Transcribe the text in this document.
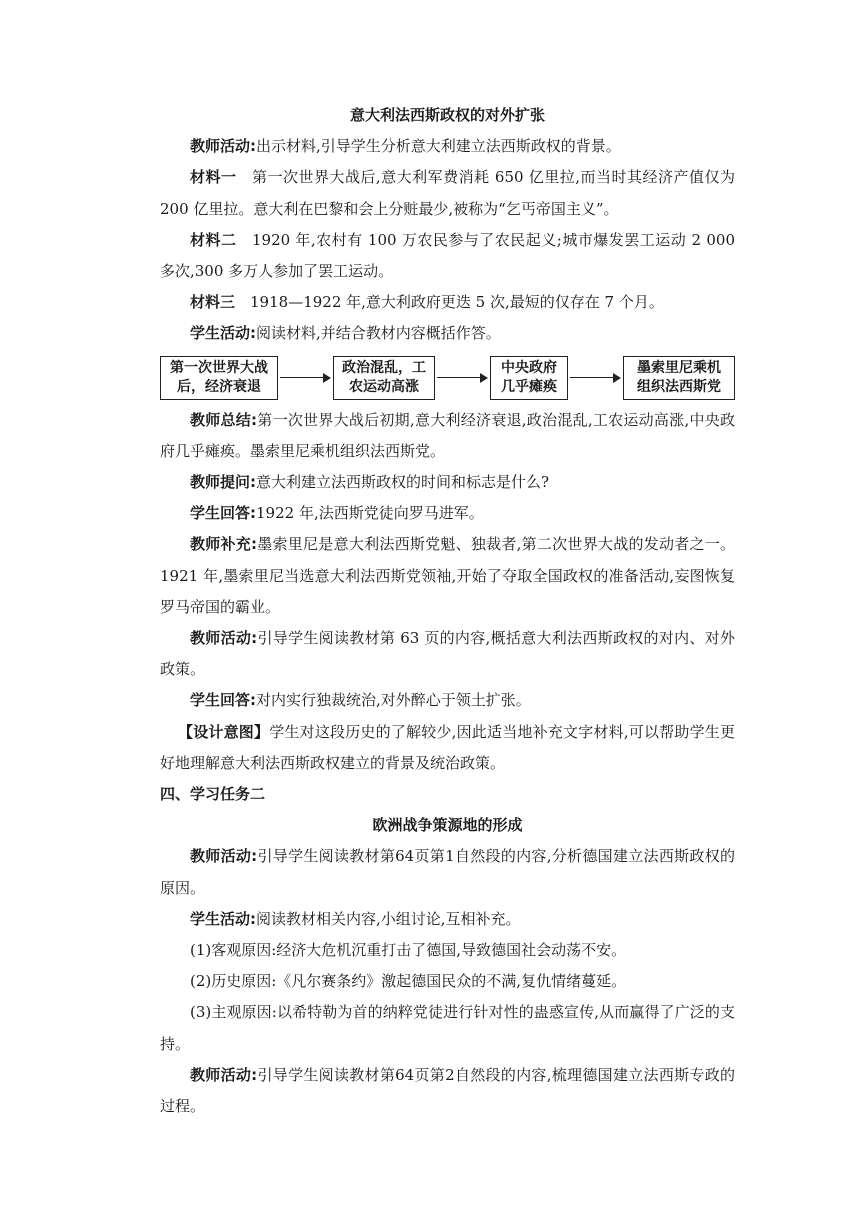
意大利法西斯政权的对外扩张

教师活动:出示材料,引导学生分析意大利建立法西斯政权的背景。

材料一　第一次世界大战后,意大利军费消耗 650 亿里拉,而当时其经济产值仅为 200 亿里拉。意大利在巴黎和会上分赃最少,被称为“乞丐帝国主义”。

材料二　1920 年,农村有 100 万农民参与了农民起义;城市爆发罢工运动 2 000 多次,300 多万人参加了罢工运动。

材料三　1918—1922 年,意大利政府更迭 5 次,最短的仅存在 7 个月。

学生活动:阅读材料,并结合教材内容概括作答。

第一次世界大战
后，经济衰退
政治混乱，工
农运动高涨
中央政府
几乎瘫痪
墨索里尼乘机
组织法西斯党

教师总结:第一次世界大战后初期,意大利经济衰退,政治混乱,工农运动高涨,中央政府几乎瘫痪。墨索里尼乘机组织法西斯党。

教师提问:意大利建立法西斯政权的时间和标志是什么?

学生回答:1922 年,法西斯党徒向罗马进军。

教师补充:墨索里尼是意大利法西斯党魁、独裁者,第二次世界大战的发动者之一。1921 年,墨索里尼当选意大利法西斯党领袖,开始了夺取全国政权的准备活动,妄图恢复罗马帝国的霸业。

教师活动:引导学生阅读教材第 63 页的内容,概括意大利法西斯政权的对内、对外政策。

学生回答:对内实行独裁统治,对外醉心于领土扩张。

【设计意图】学生对这段历史的了解较少,因此适当地补充文字材料,可以帮助学生更好地理解意大利法西斯政权建立的背景及统治政策。

四、学习任务二

欧洲战争策源地的形成

教师活动:引导学生阅读教材第64页第1自然段的内容,分析德国建立法西斯政权的原因。

学生活动:阅读教材相关内容,小组讨论,互相补充。

(1)客观原因:经济大危机沉重打击了德国,导致德国社会动荡不安。

(2)历史原因:《凡尔赛条约》激起德国民众的不满,复仇情绪蔓延。

(3)主观原因:以希特勒为首的纳粹党徒进行针对性的蛊惑宣传,从而赢得了广泛的支持。

教师活动:引导学生阅读教材第64页第2自然段的内容,梳理德国建立法西斯专政的过程。
